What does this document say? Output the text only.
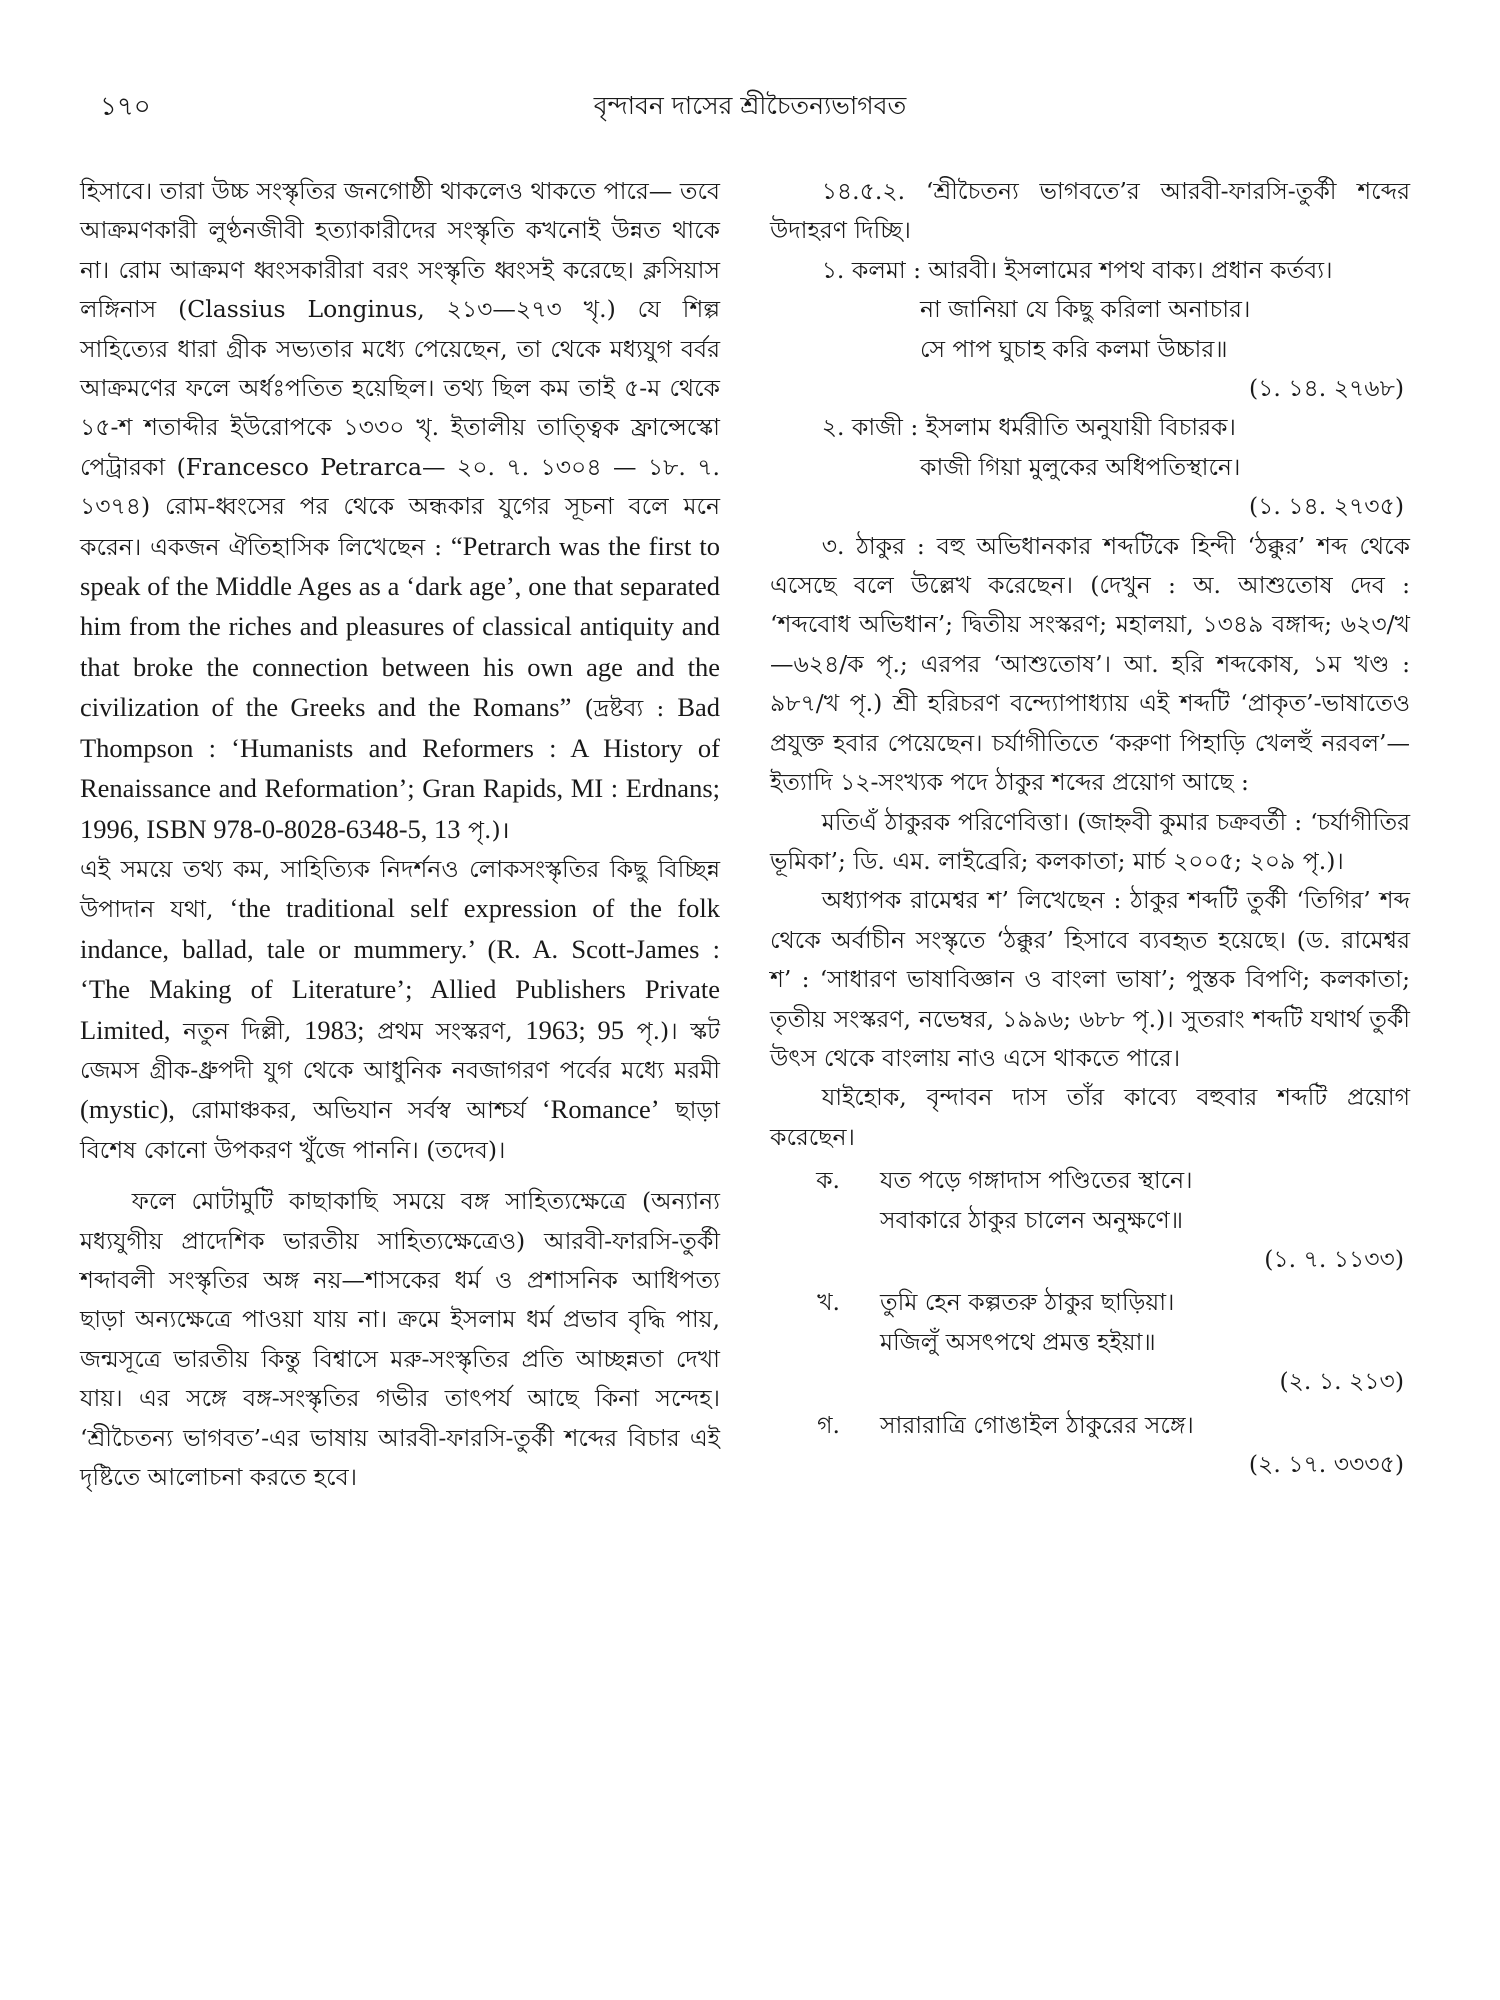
১৭০	বৃন্দাবন দাসের শ্রীচৈতন্যভাগবত

হিসাবে। তারা উচ্চ সংস্কৃতির জনগোষ্ঠী থাকলেও থাকতে পারে— তবে আক্রমণকারী লুণ্ঠনজীবী হত্যাকারীদের সংস্কৃতি কখনোই উন্নত থাকে না। রোম আক্রমণ ধ্বংসকারীরা বরং সংস্কৃতি ধ্বংসই করেছে। ক্লসিয়াস লঙ্গিনাস (Classius Longinus, ২১৩—২৭৩ খৃ.) যে শিল্প সাহিত্যের ধারা গ্রীক সভ্যতার মধ্যে পেয়েছেন, তা থেকে মধ্যযুগ বর্বর আক্রমণের ফলে অর্ধঃপতিত হয়েছিল। তথ্য ছিল কম তাই ৫-ম থেকে ১৫-শ শতাব্দীর ইউরোপকে ১৩৩০ খৃ. ইতালীয় তাত্ত্বিক ফ্রান্সেস্কো পেট্রারকা (Francesco Petrarca— ২০. ৭. ১৩০৪ — ১৮. ৭. ১৩৭৪) রোম-ধ্বংসের পর থেকে অন্ধকার যুগের সূচনা বলে মনে করেন। একজন ঐতিহাসিক লিখেছেন : “Petrarch was the first to speak of the Middle Ages as a ‘dark age’, one that separated him from the riches and pleasures of classical antiquity and that broke the connection between his own age and the civilization of the Greeks and the Romans” (দ্রষ্টব্য : Bad Thompson : ‘Humanists and Reformers : A History of Renaissance and Reformation’; Gran Rapids, MI : Erdnans; 1996, ISBN 978-0-8028-6348-5, 13 পৃ.)।

এই সময়ে তথ্য কম, সাহিত্যিক নিদর্শনও লোকসংস্কৃতির কিছু বিচ্ছিন্ন উপাদান যথা, ‘the traditional self expression of the folk indance, ballad, tale or mummery.’ (R. A. Scott-James : ‘The Making of Literature’; Allied Publishers Private Limited, নতুন দিল্লী, 1983; প্রথম সংস্করণ, 1963; 95 পৃ.)। স্কট জেমস গ্রীক-ধ্রুপদী যুগ থেকে আধুনিক নবজাগরণ পর্বের মধ্যে মরমী (mystic), রোমাঞ্চকর, অভিযান সর্বস্ব আশ্চর্য ‘Romance’ ছাড়া বিশেষ কোনো উপকরণ খুঁজে পাননি। (তদেব)।

ফলে মোটামুটি কাছাকাছি সময়ে বঙ্গ সাহিত্যক্ষেত্রে (অন্যান্য মধ্যযুগীয় প্রাদেশিক ভারতীয় সাহিত্যক্ষেত্রেও) আরবী-ফারসি-তুর্কী শব্দাবলী সংস্কৃতির অঙ্গ নয়—শাসকের ধর্ম ও প্রশাসনিক আধিপত্য ছাড়া অন্যক্ষেত্রে পাওয়া যায় না। ক্রমে ইসলাম ধর্ম প্রভাব বৃদ্ধি পায়, জন্মসূত্রে ভারতীয় কিন্তু বিশ্বাসে মরু-সংস্কৃতির প্রতি আচ্ছন্নতা দেখা যায়। এর সঙ্গে বঙ্গ-সংস্কৃতির গভীর তাৎপর্য আছে কিনা সন্দেহ। ‘শ্রীচৈতন্য ভাগবত’-এর ভাষায় আরবী-ফারসি-তুর্কী শব্দের বিচার এই দৃষ্টিতে আলোচনা করতে হবে।

১৪.৫.২. ‘শ্রীচৈতন্য ভাগবতে’র আরবী-ফারসি-তুর্কী শব্দের উদাহরণ দিচ্ছি।

১. কলমা : আরবী। ইসলামের শপথ বাক্য। প্রধান কর্তব্য।

না জানিয়া যে কিছু করিলা অনাচার।

সে পাপ ঘুচাহ করি কলমা উচ্চার॥

(১. ১৪. ২৭৬৮)

২. কাজী : ইসলাম ধর্মরীতি অনুযায়ী বিচারক।

কাজী গিয়া মুলুকের অধিপতিস্থানে।

(১. ১৪. ২৭৩৫)

৩. ঠাকুর : বহু অভিধানকার শব্দটিকে হিন্দী ‘ঠক্কুর’ শব্দ থেকে এসেছে বলে উল্লেখ করেছেন। (দেখুন : অ. আশুতোষ দেব : ‘শব্দবোধ অভিধান’; দ্বিতীয় সংস্করণ; মহালয়া, ১৩৪৯ বঙ্গাব্দ; ৬২৩/খ—৬২৪/ক পৃ.; এরপর ‘আশুতোষ’। আ. হরি শব্দকোষ, ১ম খণ্ড : ৯৮৭/খ পৃ.) শ্রী হরিচরণ বন্দ্যোপাধ্যায় এই শব্দটি ‘প্রাকৃত’-ভাষাতেও প্রযুক্ত হবার পেয়েছেন। চর্যাগীতিতে ‘করুণা পিহাড়ি খেলহুঁ নরবল’—ইত্যাদি ১২-সংখ্যক পদে ঠাকুর শব্দের প্রয়োগ আছে :

মতিএঁ ঠাকুরক পরিণেবিত্তা। (জাহ্নবী কুমার চক্রবর্তী : ‘চর্যাগীতির ভূমিকা’; ডি. এম. লাইব্রেরি; কলকাতা; মার্চ ২০০৫; ২০৯ পৃ.)।

অধ্যাপক রামেশ্বর শ’ লিখেছেন : ঠাকুর শব্দটি তুর্কী ‘তিগির’ শব্দ থেকে অর্বাচীন সংস্কৃতে ‘ঠক্কুর’ হিসাবে ব্যবহৃত হয়েছে। (ড. রামেশ্বর শ’ : ‘সাধারণ ভাষাবিজ্ঞান ও বাংলা ভাষা’; পুস্তক বিপণি; কলকাতা; তৃতীয় সংস্করণ, নভেম্বর, ১৯৯৬; ৬৮৮ পৃ.)। সুতরাং শব্দটি যথার্থ তুর্কী উৎস থেকে বাংলায় নাও এসে থাকতে পারে।

যাইহোক, বৃন্দাবন দাস তাঁর কাব্যে বহুবার শব্দটি প্রয়োগ করেছেন।

ক.	যত পড়ে গঙ্গাদাস পণ্ডিতের স্থানে।

সবাকারে ঠাকুর চালেন অনুক্ষণে॥

(১. ৭. ১১৩৩)

খ.	তুমি হেন কল্পতরু ঠাকুর ছাড়িয়া।

মজিলুঁ অসৎপথে প্রমত্ত হইয়া॥

(২. ১. ২১৩)

গ.	সারারাত্রি গোঙাইল ঠাকুরের সঙ্গে।

(২. ১৭. ৩৩৩৫)
